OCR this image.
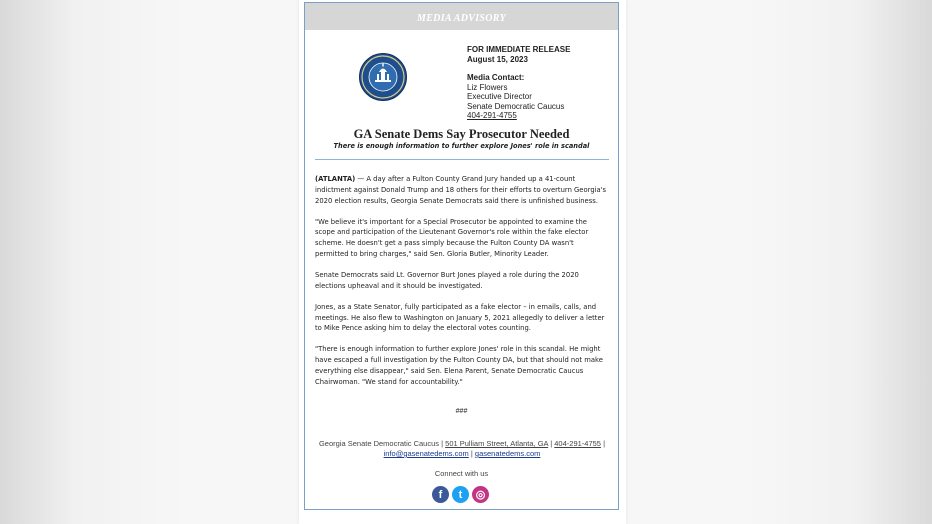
MEDIA ADVISORY
FOR IMMEDIATE RELEASE
August 15, 2023
Media Contact:
Liz Flowers
Executive Director
Senate Democratic Caucus
404-291-4755
GA Senate Dems Say Prosecutor Needed
There is enough information to further explore Jones' role in scandal

(ATLANTA) — A day after a Fulton County Grand Jury handed up a 41-count indictment against Donald Trump and 18 others for their efforts to overturn Georgia's 2020 election results, Georgia Senate Democrats said there is unfinished business.

"We believe it's important for a Special Prosecutor be appointed to examine the scope and participation of the Lieutenant Governor's role within the fake elector scheme. He doesn't get a pass simply because the Fulton County DA wasn't permitted to bring charges," said Sen. Gloria Butler, Minority Leader.

Senate Democrats said Lt. Governor Burt Jones played a role during the 2020 elections upheaval and it should be investigated.

Jones, as a State Senator, fully participated as a fake elector – in emails, calls, and meetings. He also flew to Washington on January 5, 2021 allegedly to deliver a letter to Mike Pence asking him to delay the electoral votes counting.

"There is enough information to further explore Jones' role in this scandal. He might have escaped a full investigation by the Fulton County DA, but that should not make everything else disappear," said Sen. Elena Parent, Senate Democratic Caucus Chairwoman. "We stand for accountability."

###
Georgia Senate Democratic Caucus | 501 Pulliam Street, Atlanta, GA | 404-291-4755 |
info@gasenatedems.com | gasenatedems.com
Connect with us
f t ◎
